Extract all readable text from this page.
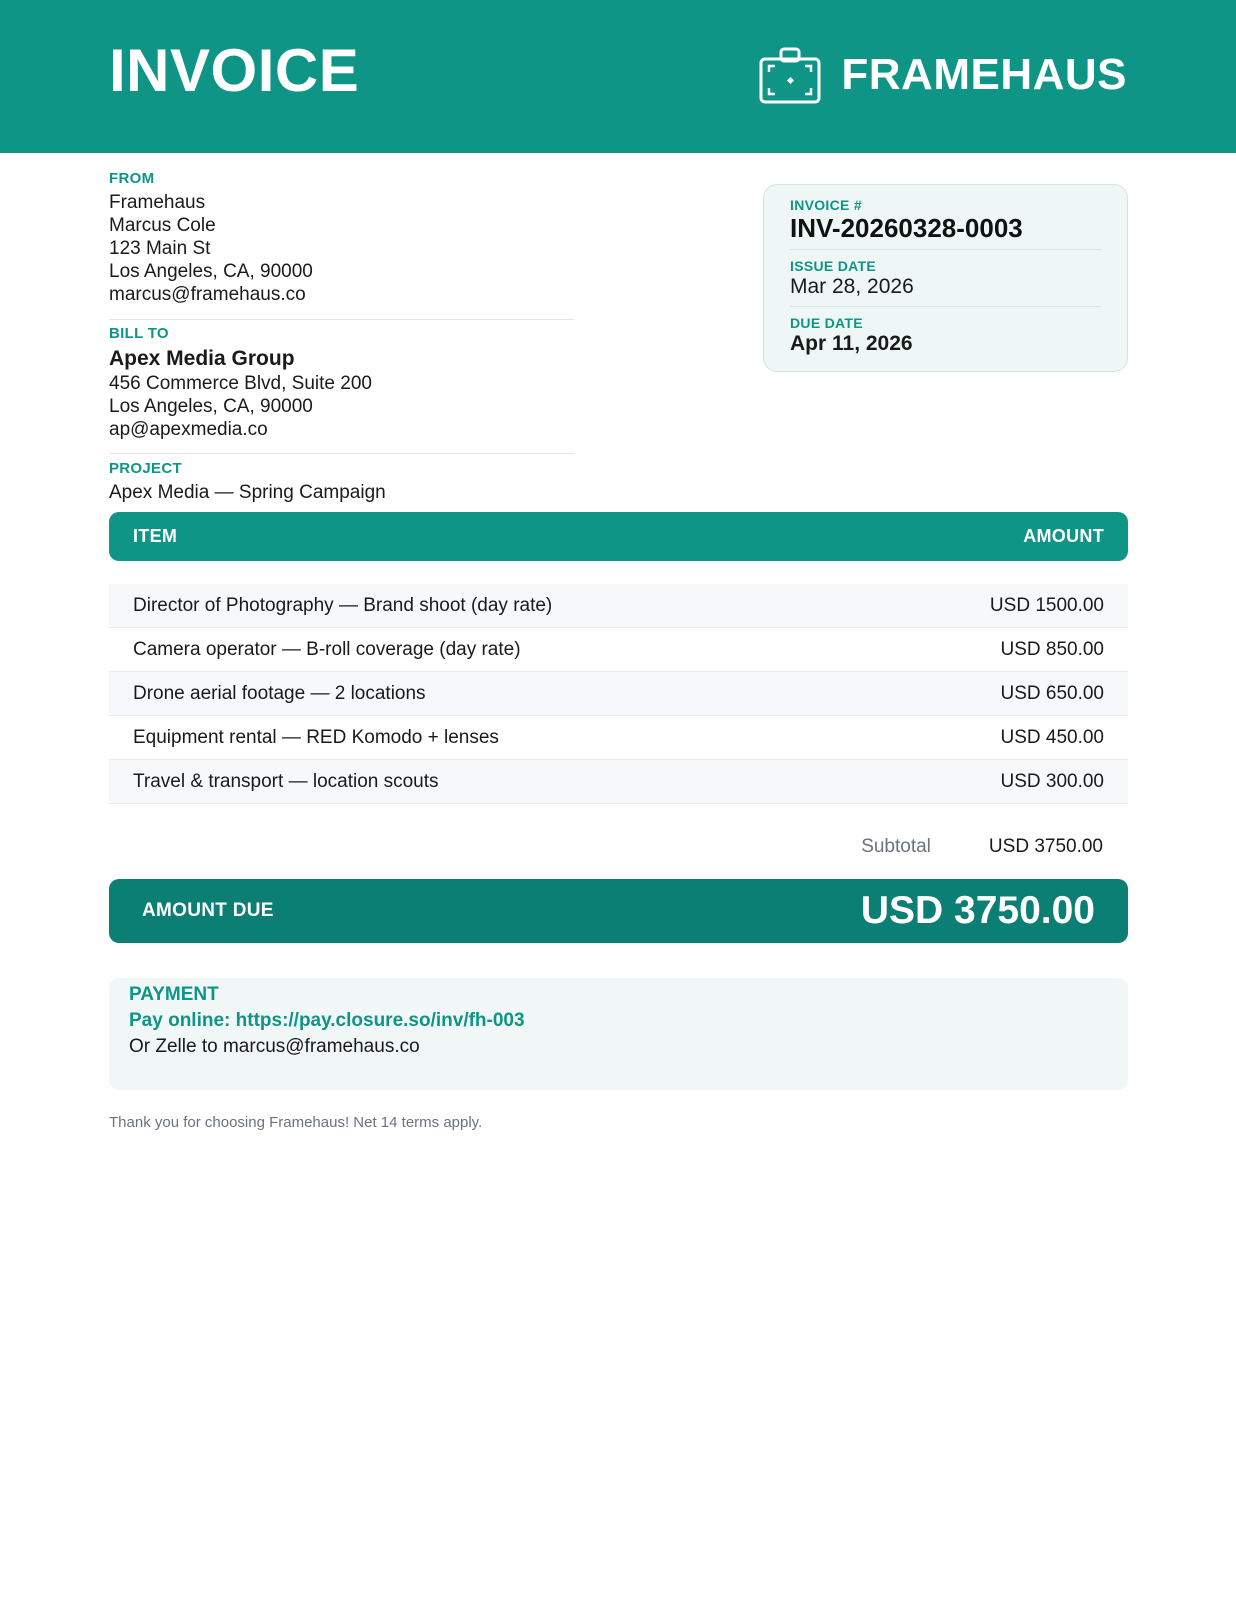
INVOICE	FRAMEHAUS
FROM
Framehaus
Marcus Cole
123 Main St
Los Angeles, CA, 90000
marcus@framehaus.co
BILL TO
Apex Media Group
456 Commerce Blvd, Suite 200
Los Angeles, CA, 90000
ap@apexmedia.co
PROJECT
Apex Media — Spring Campaign
INVOICE #
INV-20260328-0003
ISSUE DATE
Mar 28, 2026
DUE DATE
Apr 11, 2026
ITEM	AMOUNT
Director of Photography — Brand shoot (day rate)	USD 1500.00
Camera operator — B-roll coverage (day rate)	USD 850.00
Drone aerial footage — 2 locations	USD 650.00
Equipment rental — RED Komodo + lenses	USD 450.00
Travel & transport — location scouts	USD 300.00
Subtotal	USD 3750.00
AMOUNT DUE	USD 3750.00
PAYMENT
Pay online: https://pay.closure.so/inv/fh-003
Or Zelle to marcus@framehaus.co
Thank you for choosing Framehaus! Net 14 terms apply.
